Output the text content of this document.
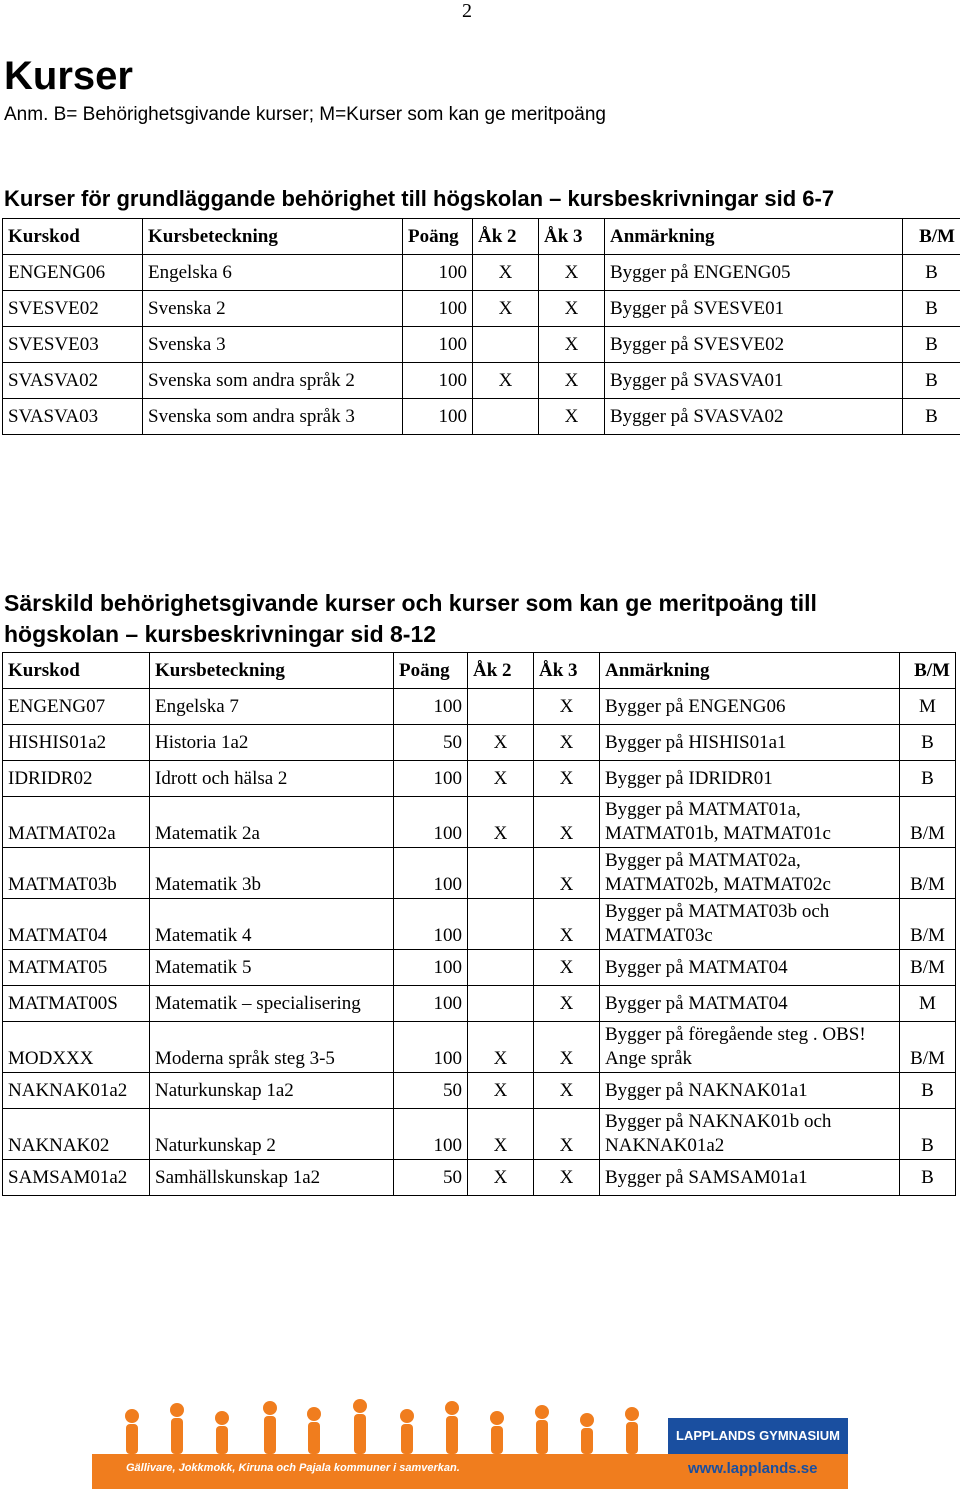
2
Kurser
Anm. B= Behörighetsgivande kurser; M=Kurser som kan ge meritpoäng
Kurser för grundläggande behörighet till högskolan – kursbeskrivningar sid 6-7
Kurskod	Kursbeteckning	Poäng	Åk 2	Åk 3	Anmärkning	B/M
ENGENG06	Engelska 6	100	X	X	Bygger på ENGENG05	B
SVESVE02	Svenska 2	100	X	X	Bygger på SVESVE01	B
SVESVE03	Svenska 3	100		X	Bygger på SVESVE02	B
SVASVA02	Svenska som andra språk 2	100	X	X	Bygger på SVASVA01	B
SVASVA03	Svenska som andra språk 3	100		X	Bygger på SVASVA02	B
Särskild behörighetsgivande kurser och kurser som kan ge meritpoäng till högskolan – kursbeskrivningar sid 8-12
Kurskod	Kursbeteckning	Poäng	Åk 2	Åk 3	Anmärkning	B/M
ENGENG07	Engelska 7	100		X	Bygger på ENGENG06	M
HISHIS01a2	Historia 1a2	50	X	X	Bygger på HISHIS01a1	B
IDRIDR02	Idrott och hälsa 2	100	X	X	Bygger på IDRIDR01	B
MATMAT02a	Matematik 2a	100	X	X	Bygger på MATMAT01a, MATMAT01b, MATMAT01c	B/M
MATMAT03b	Matematik 3b	100		X	Bygger på MATMAT02a, MATMAT02b, MATMAT02c	B/M
MATMAT04	Matematik 4	100		X	Bygger på MATMAT03b och MATMAT03c	B/M
MATMAT05	Matematik 5	100		X	Bygger på MATMAT04	B/M
MATMAT00S	Matematik – specialisering	100		X	Bygger på MATMAT04	M
MODXXX	Moderna språk steg 3-5	100	X	X	Bygger på föregående steg . OBS! Ange språk	B/M
NAKNAK01a2	Naturkunskap 1a2	50	X	X	Bygger på NAKNAK01a1	B
NAKNAK02	Naturkunskap 2	100	X	X	Bygger på NAKNAK01b och NAKNAK01a2	B
SAMSAM01a2	Samhällskunskap 1a2	50	X	X	Bygger på SAMSAM01a1	B
LAPPLANDS GYMNASIUM
www.lapplands.se
Gällivare, Jokkmokk, Kiruna och Pajala kommuner i samverkan.
